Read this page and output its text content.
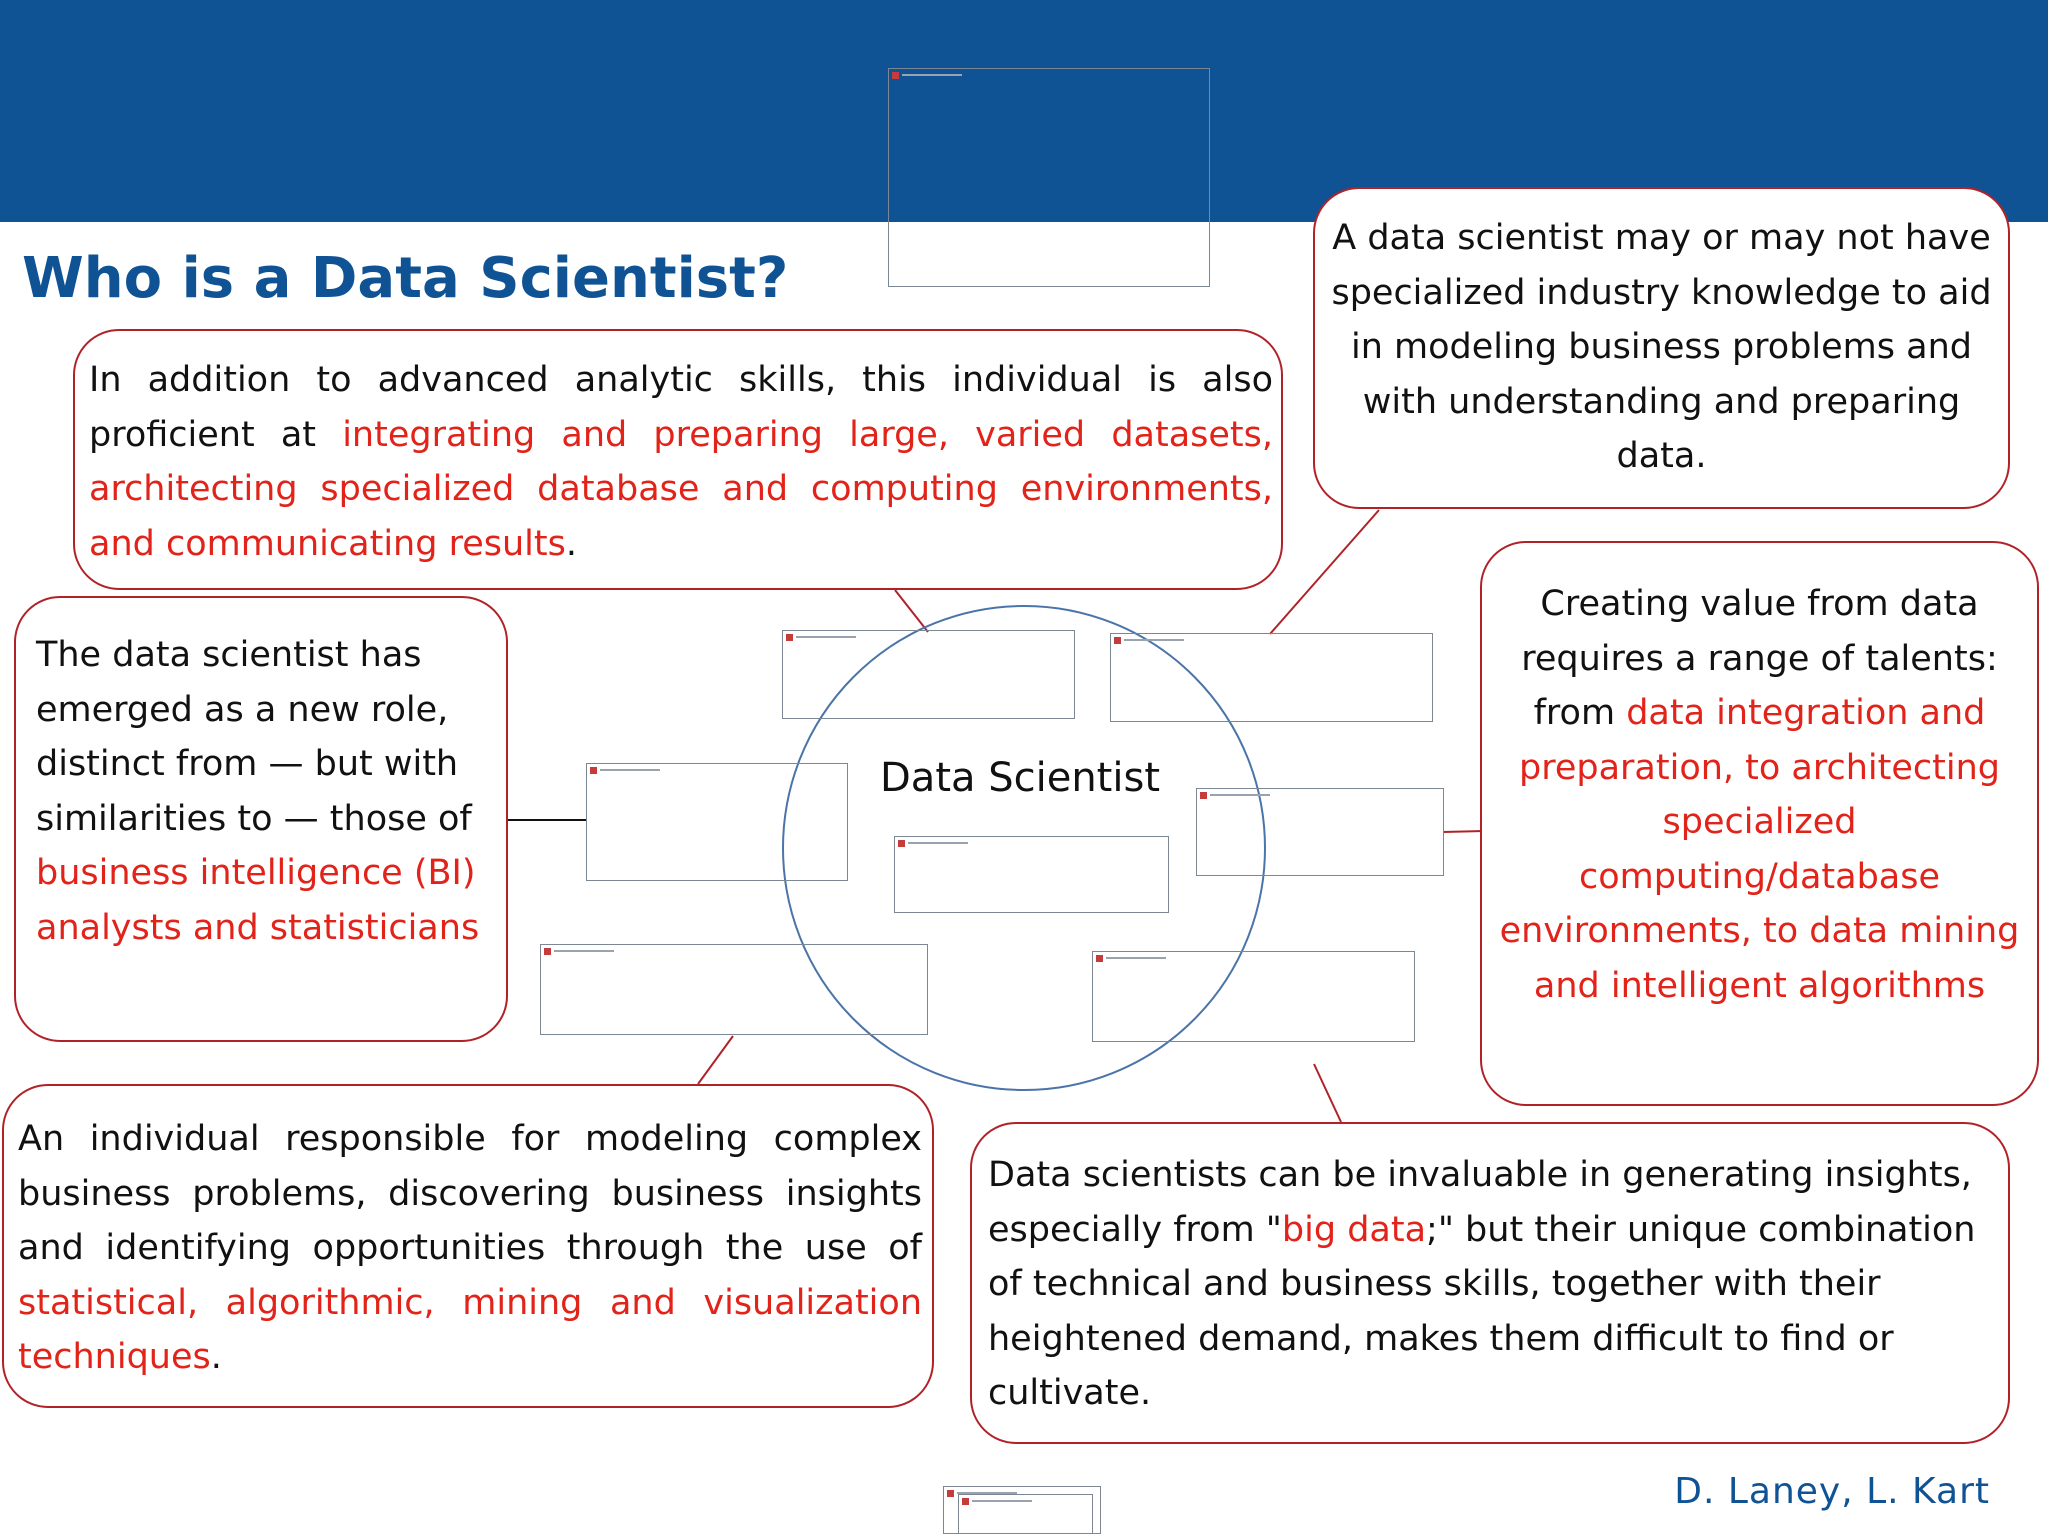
Who is a Data Scientist?
Data Scientist
In addition to advanced analytic skills, this individual is also proficient at integrating and preparing large, varied datasets, architecting specialized database and computing environments, and communicating results.
A data scientist may or may not have specialized industry knowledge to aid in modeling business problems and with understanding and preparing data.
The data scientist has emerged as a new role, distinct from — but with similarities to — those of business intelligence (BI) analysts and statisticians
Creating value from data requires a range of talents: from data integration and preparation, to architecting specialized computing/database environments, to data mining and intelligent algorithms
An individual responsible for modeling complex business problems, discovering business insights and identifying opportunities through the use of statistical, algorithmic, mining and visualization techniques.
Data scientists can be invaluable in generating insights, especially from "big data;" but their unique combination of technical and business skills, together with their heightened demand, makes them difficult to find or cultivate.
D. Laney, L. Kart
